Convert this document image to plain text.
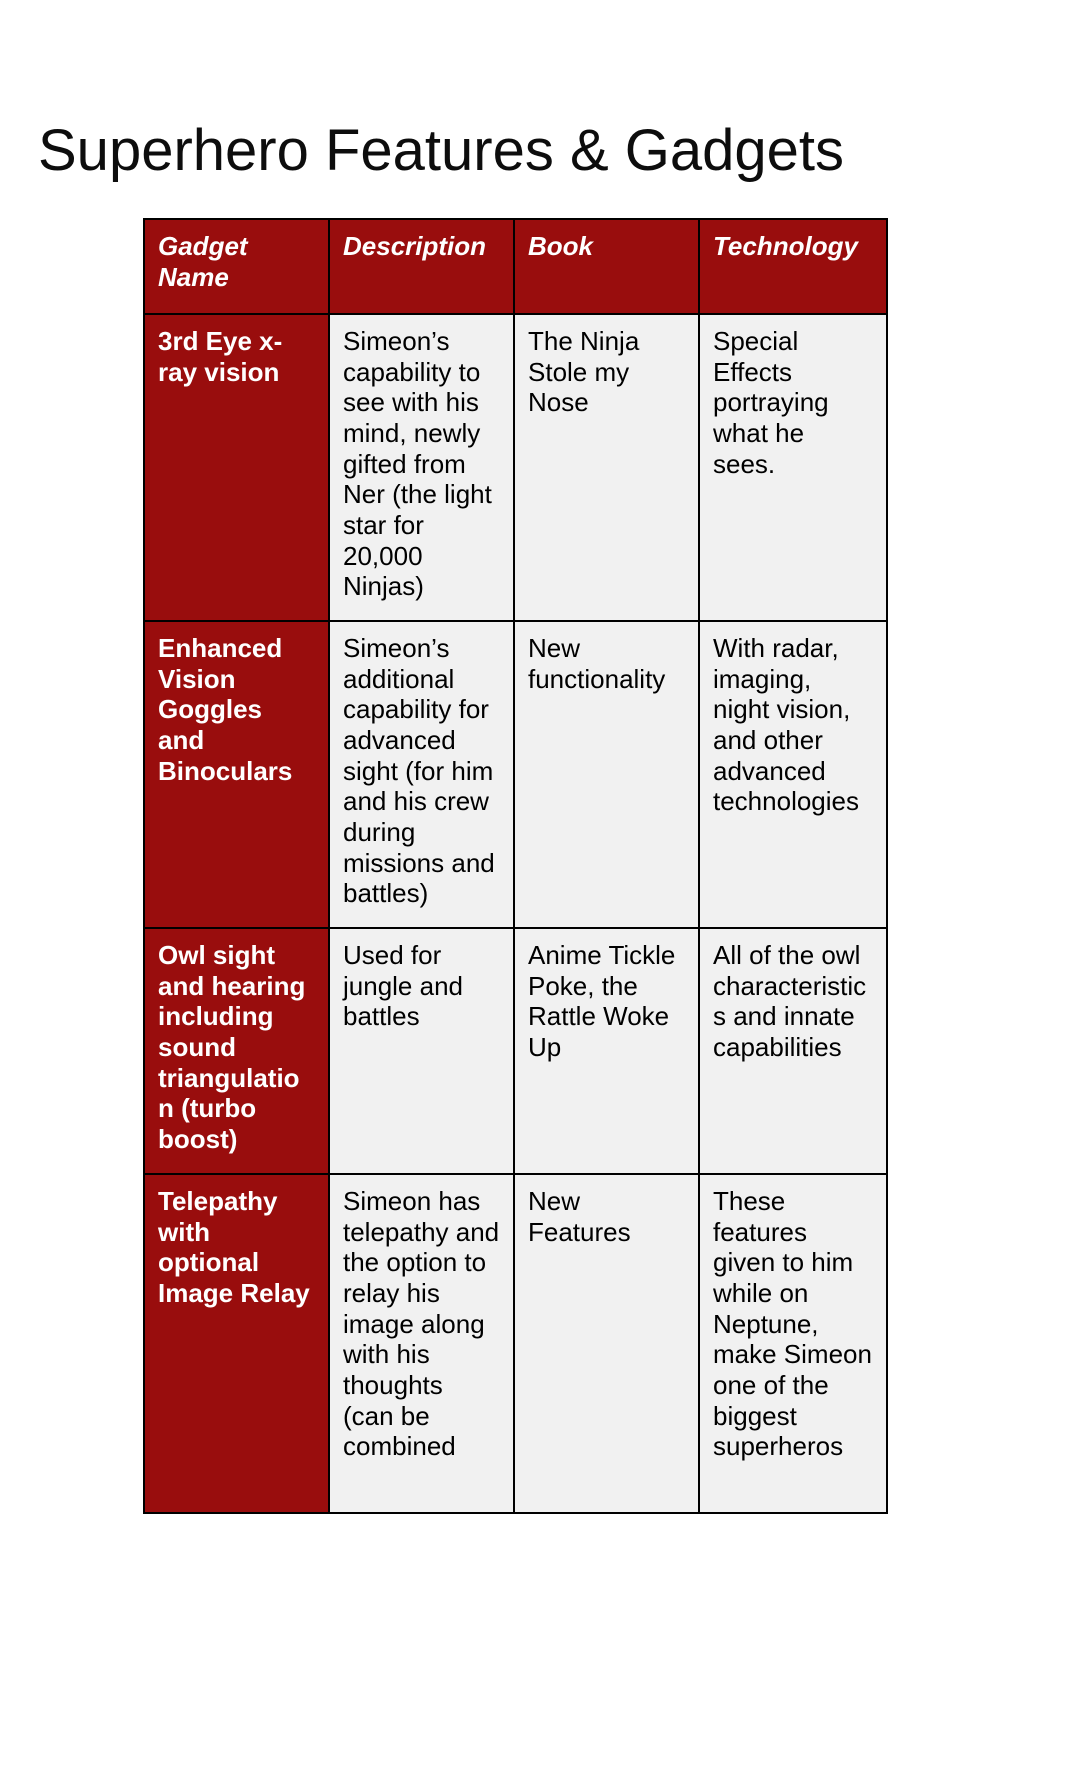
Superhero Features & Gadgets
Gadget Name	Description	Book	Technology
3rd Eye x-ray vision	Simeon’s capability to see with his mind, newly gifted from Ner (the light star for 20,000 Ninjas)	The Ninja Stole my Nose	Special Effects portraying what he sees.
Enhanced Vision Goggles and Binoculars	Simeon’s additional capability for advanced sight (for him and his crew during missions and battles)	New functionality	With radar, imaging, night vision, and other advanced technologies
Owl sight and hearing including sound triangulation (turbo boost)	Used for jungle and battles	Anime Tickle Poke, the Rattle Woke Up	All of the owl characteristics and innate capabilities
Telepathy with optional Image Relay	Simeon has telepathy and the option to relay his image along with his thoughts (can be combined	New Features	These features given to him while on Neptune, make Simeon one of the biggest superheros
